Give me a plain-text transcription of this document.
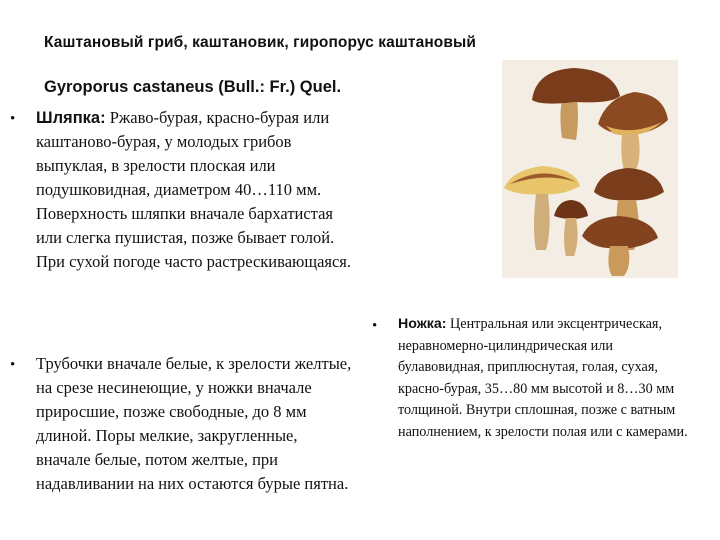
Каштановый гриб, каштановик, гиропорус каштановый
Gyroporus castaneus (Bull.: Fr.) Quel.
• Шляпка: Ржаво-бурая, красно-бурая или каштаново-бурая, у молодых грибов выпуклая, в зрелости плоская или подушковидная, диаметром 40…110 мм. Поверхность шляпки вначале бархатистая или слегка пушистая, позже бывает голой. При сухой погоде часто растрескивающаяся.
• Трубочки вначале белые, к зрелости желтые, на срезе несинеющие, у ножки вначале приросшие, позже свободные, до 8 мм длиной. Поры мелкие, закругленные, вначале белые, потом желтые, при надавливании на них остаются бурые пятна.
• Ножка: Центральная или эксцентрическая, неравномерно-цилиндрическая или булавовидная, приплюснутая, голая, сухая, красно-бурая, 35…80 мм высотой и 8…30 мм толщиной. Внутри сплошная, позже с ватным наполнением, к зрелости полая или с камерами.
